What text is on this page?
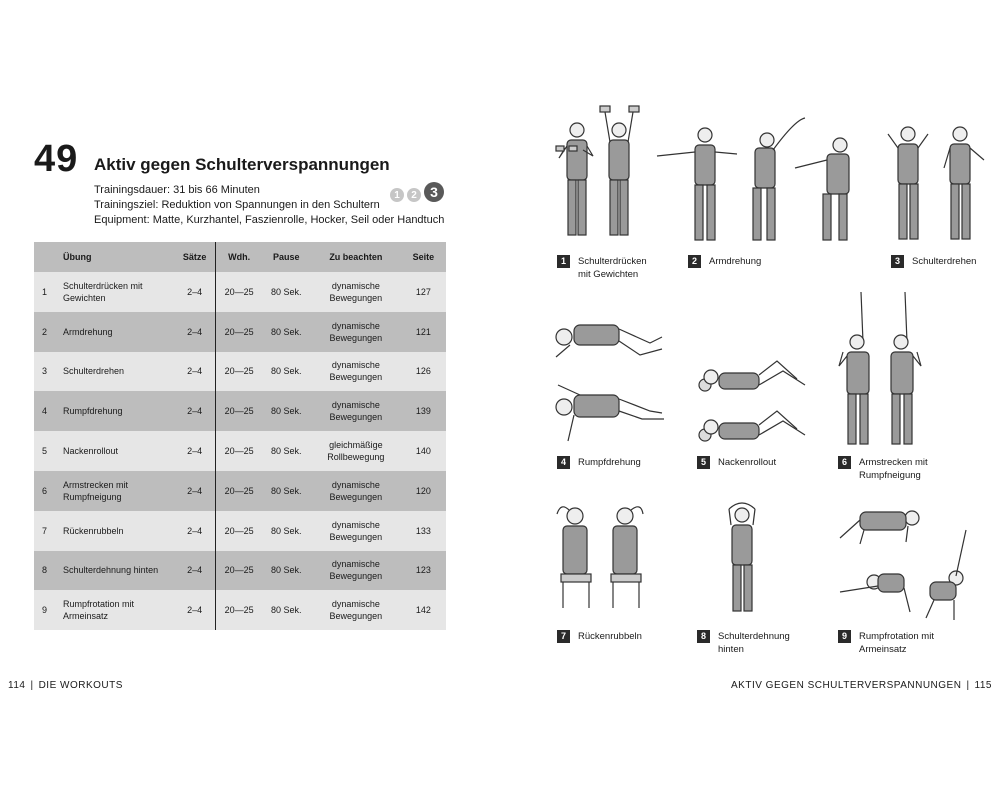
49 Aktiv gegen Schulterverspannungen
Trainingsdauer: 31 bis 66 Minuten
Trainingsziel: Reduktion von Spannungen in den Schultern
Equipment: Matte, Kurzhantel, Faszienrolle, Hocker, Seil oder Handtuch
1	2 3
	Übung	Sätze	Wdh.	Pause	Zu beachten	Seite
1	Schulterdrücken mit Gewichten	2–4	20—25	80 Sek.	dynamische Bewegungen	127
2	Armdrehung	2–4	20—25	80 Sek.	dynamische Bewegungen	121
3	Schulterdrehen	2–4	20—25	80 Sek.	dynamische Bewegungen	126
4	Rumpfdrehung	2–4	20—25	80 Sek.	dynamische Bewegungen	139
5	Nackenrollout	2–4	20—25	80 Sek.	gleichmäßige Rollbewegung	140
6	Armstrecken mit Rumpfneigung	2–4	20—25	80 Sek.	dynamische Bewegungen	120
7	Rückenrubbeln	2–4	20—25	80 Sek.	dynamische Bewegungen	133
8	Schulterdehnung hinten	2–4	20—25	80 Sek.	dynamische Bewegungen	123
9	Rumpfrotation mit Armeinsatz	2–4	20—25	80 Sek.	dynamische Bewegungen	142
114 | DIE WORKOUTS	AKTIV GEGEN SCHULTERVERSPANNUNGEN | 115
1	Schulterdrücken mit Gewichten
2	Armdrehung	3	Schulterdrehen
4	Rumpfdrehung	5	Nackenrollout	6	Armstrecken mit Rumpfneigung
7	Rückenrubbeln	8	Schulterdehnung hinten
9	Rumpfrotation mit Armeinsatz
